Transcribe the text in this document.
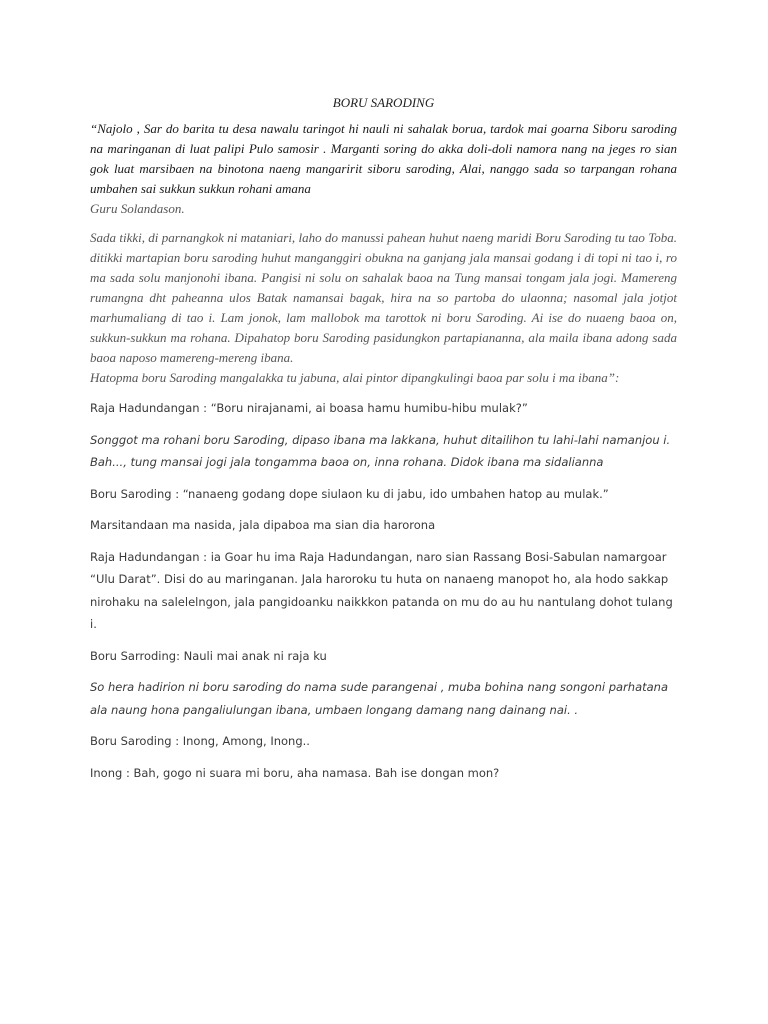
BORU SARODING
“Najolo , Sar do barita tu desa nawalu taringot hi nauli ni sahalak borua, tardok mai goarna Siboru saroding na maringanan di luat palipi Pulo samosir . Marganti soring do akka doli-doli namora nang na jeges ro sian gok luat marsibaen na binotona naeng mangaririt siboru saroding, Alai, nanggo sada so tarpangan rohana umbahen sai sukkun sukkun rohani amana
Guru Solandason.
Sada tikki, di parnangkok ni mataniari, laho do manussi pahean huhut naeng maridi Boru Saroding tu tao Toba. ditikki martapian boru saroding huhut manganggiri obukna na ganjang jala mansai godang i di topi ni tao i, ro ma sada solu manjonohi ibana. Pangisi ni solu on sahalak baoa na Tung mansai tongam jala jogi. Mamereng rumangna dht paheanna ulos Batak namansai bagak, hira na so partoba do ulaonna; nasomal jala jotjot marhumaliang di tao i. Lam jonok, lam mallobok ma tarottok ni boru Saroding. Ai ise do nuaeng baoa on, sukkun-sukkun ma rohana. Dipahatop boru Saroding pasidungkon partapiananna, ala maila ibana adong sada baoa naposo mamereng-mereng ibana.
Hatopma boru Saroding mangalakka tu jabuna, alai pintor dipangkulingi baoa par solu i ma ibana”:
Raja Hadundangan : “Boru nirajanami, ai boasa hamu humibu-hibu mulak?”
Songgot ma rohani boru Saroding, dipaso ibana ma lakkana, huhut ditailihon tu lahi-lahi namanjou i. Bah..., tung mansai jogi jala tongamma baoa on, inna rohana. Didok ibana ma sidalianna
Boru Saroding : “nanaeng godang dope siulaon ku di jabu, ido umbahen hatop au mulak.”
Marsitandaan ma nasida, jala dipaboa ma sian dia harorona
Raja Hadundangan : ia Goar hu ima Raja Hadundangan, naro sian Rassang Bosi-Sabulan namargoar “Ulu Darat”. Disi do au maringanan. Jala haroroku tu huta on nanaeng manopot ho, ala hodo sakkap nirohaku na salelelngon, jala pangidoanku naikkkon patanda on mu do au hu nantulang dohot tulang i.
Boru Sarroding: Nauli mai anak ni raja ku
So hera hadirion ni boru saroding do nama sude parangenai , muba bohina nang songoni parhatana ala naung hona pangaliulungan ibana, umbaen longang damang nang dainang nai. .
Boru Saroding : Inong, Among, Inong..
Inong : Bah, gogo ni suara mi boru, aha namasa. Bah ise dongan mon?
